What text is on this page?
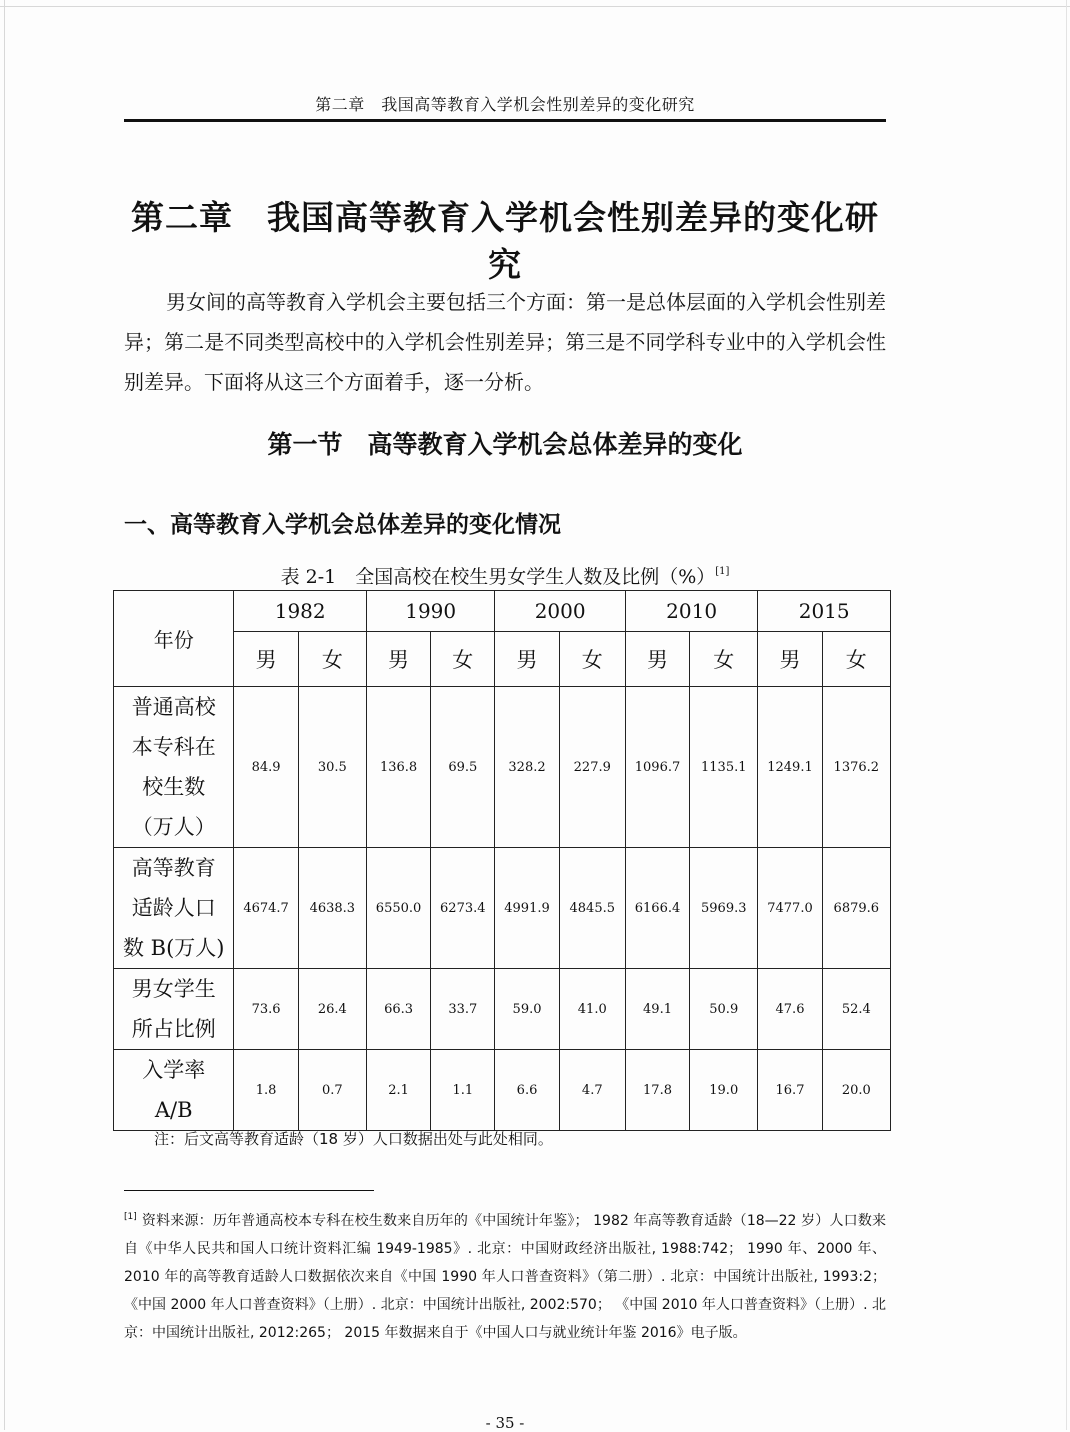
第二章　我国高等教育入学机会性别差异的变化研究
第二章　我国高等教育入学机会性别差异的变化研究

男女间的高等教育入学机会主要包括三个方面：第一是总体层面的入学机会性别差异；第二是不同类型高校中的入学机会性别差异；第三是不同学科专业中的入学机会性别差异。下面将从这三个方面着手，逐一分析。

第一节　高等教育入学机会总体差异的变化
一、高等教育入学机会总体差异的变化情况
表 2-1　全国高校在校生男女学生人数及比例（%）[1]
年份	1982		1990		2000		2010		2015	
	男	女	男	女	男	女	男	女	男	女
普通高校本专科在校生数（万人）	84.9	30.5	136.8	69.5	328.2	227.9	1096.7	1135.1	1249.1	1376.2
高等教育适龄人口数 B(万人)	4674.7	4638.3	6550.0	6273.4	4991.9	4845.5	6166.4	5969.3	7477.0	6879.6
男女学生所占比例	73.6	26.4	66.3	33.7	59.0	41.0	49.1	50.9	47.6	52.4
入学率 A/B	1.8	0.7	2.1	1.1	6.6	4.7	17.8	19.0	16.7	20.0
注：后文高等教育适龄（18 岁）人口数据出处与此处相同。
[1] 资料来源：历年普通高校本专科在校生数来自历年的《中国统计年鉴》； 1982 年高等教育适龄（18—22 岁）人口数来自《中华人民共和国人口统计资料汇编 1949-1985》. 北京：中国财政经济出版社, 1988:742； 1990 年、2000 年、2010 年的高等教育适龄人口数据依次来自《中国 1990 年人口普查资料》（第二册）. 北京：中国统计出版社, 1993:2； 《中国 2000 年人口普查资料》（上册）. 北京：中国统计出版社, 2002:570； 《中国 2010 年人口普查资料》（上册）. 北京：中国统计出版社, 2012:265； 2015 年数据来自于《中国人口与就业统计年鉴 2016》电子版。
- 35 -
